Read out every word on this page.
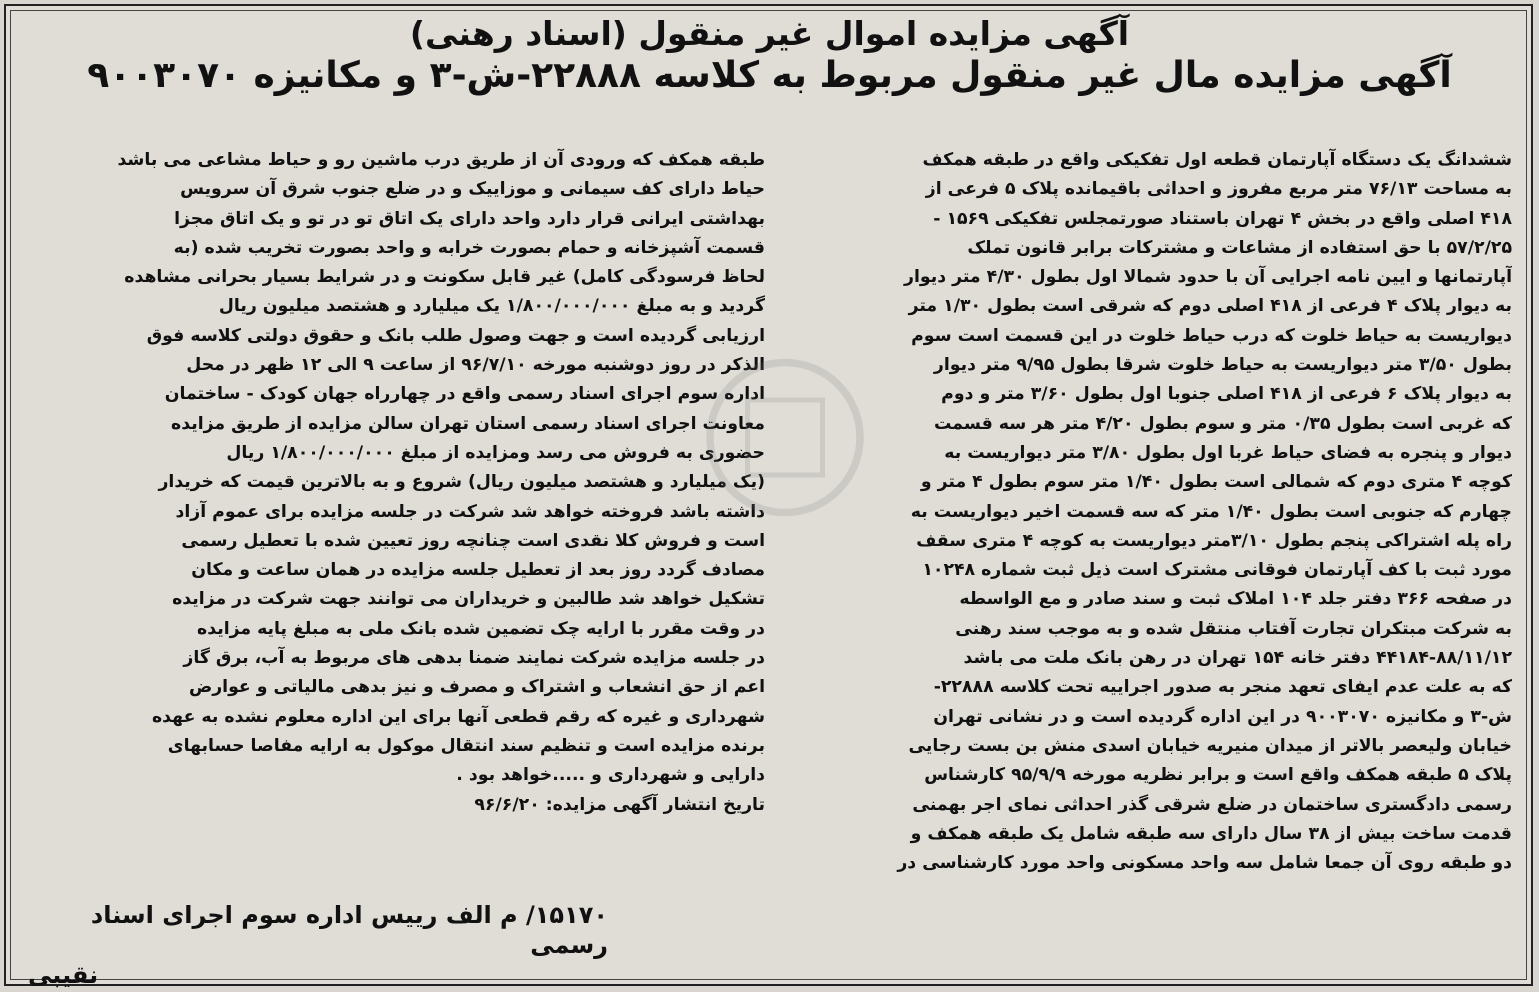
آگهی مزایده اموال غیر منقول (اسناد رهنی)
آگهی مزایده مال غیر منقول مربوط به کلاسه ۲۲۸۸۸-ش-۳ و مکانیزه ۹۰۰۳۰۷۰
ششدانگ یک دستگاه آپارتمان قطعه اول تفکیکی واقع در طبقه همکف
به مساحت ۷۶/۱۳ متر مربع مفروز و احداثی باقیمانده پلاک ۵ فرعی از
۴۱۸ اصلی واقع در بخش ۴ تهران باستناد صورتمجلس تفکیکی ۱۵۶۹ -
۵۷/۲/۲۵ با حق استفاده از مشاعات و مشترکات برابر قانون تملک
آپارتمانها و ایین نامه اجرایی آن با حدود شمالا اول بطول ۴/۳۰ متر دیوار
به دیوار پلاک ۴ فرعی از ۴۱۸ اصلی دوم که شرقی است بطول ۱/۳۰ متر
دیواریست به حیاط خلوت که درب حیاط خلوت در این قسمت است سوم
بطول ۳/۵۰ متر دیواریست به حیاط خلوت شرقا بطول ۹/۹۵ متر دیوار
به دیوار پلاک ۶ فرعی از ۴۱۸ اصلی جنوبا اول بطول ۳/۶۰ متر و دوم
که غربی است بطول ۰/۳۵ متر و سوم بطول ۴/۲۰ متر هر سه قسمت
دیوار و پنجره به فضای حیاط غربا اول بطول ۳/۸۰ متر دیواریست به
کوچه ۴ متری دوم که شمالی است بطول ۱/۴۰ متر سوم بطول ۴ متر و
چهارم که جنوبی است بطول ۱/۴۰ متر که سه قسمت اخیر دیواریست به
راه پله اشتراکی پنجم بطول ۳/۱۰متر دیواریست به کوچه ۴ متری سقف
مورد ثبت با کف آپارتمان فوقانی مشترک است ذیل ثبت شماره ۱۰۲۴۸
در صفحه ۳۶۶ دفتر جلد ۱۰۴ املاک ثبت و سند صادر و مع الواسطه
به شرکت مبتکران تجارت آفتاب منتقل شده و به موجب سند رهنی
۴۴۱۸۴-۸۸/۱۱/۱۲ دفتر خانه ۱۵۴ تهران در رهن بانک ملت می باشد
که به علت عدم ایفای تعهد منجر به صدور اجراییه تحت کلاسه ۲۲۸۸۸-
ش-۳ و مکانیزه ۹۰۰۳۰۷۰ در این اداره گردیده است و در نشانی تهران
خیابان ولیعصر بالاتر از میدان منیریه خیابان اسدی منش بن بست رجایی
پلاک ۵ طبقه همکف واقع است و برابر نظریه مورخه ۹۵/۹/۹ کارشناس
رسمی دادگستری ساختمان در ضلع شرقی گذر احداثی نمای اجر بهمنی
قدمت ساخت بیش از ۳۸ سال دارای سه طبقه شامل یک طبقه همکف و
دو طبقه روی آن جمعا شامل سه واحد مسکونی واحد مورد کارشناسی در
طبقه همکف که ورودی آن از طریق درب ماشین رو و حیاط مشاعی می باشد
حیاط دارای کف سیمانی و موزاییک و در ضلع جنوب شرق آن سرویس
بهداشتی ایرانی قرار دارد واحد دارای یک اتاق تو در تو و یک اتاق مجزا
قسمت آشپزخانه و حمام بصورت خرابه و واحد بصورت تخریب شده (به
لحاظ فرسودگی کامل) غیر قابل سکونت و در شرایط بسیار بحرانی مشاهده
گردید و به مبلغ ۱/۸۰۰/۰۰۰/۰۰۰ یک میلیارد و هشتصد میلیون ریال
ارزیابی گردیده است و جهت وصول طلب بانک و حقوق دولتی کلاسه فوق
الذکر در روز دوشنبه مورخه ۹۶/۷/۱۰ از ساعت ۹ الی ۱۲ ظهر در محل
اداره سوم اجرای اسناد رسمی واقع در چهارراه جهان کودک - ساختمان
معاونت اجرای اسناد رسمی استان تهران سالن مزایده از طریق مزایده
حضوری به فروش می رسد ومزایده از مبلغ ۱/۸۰۰/۰۰۰/۰۰۰ ریال
(یک میلیارد و هشتصد میلیون ریال) شروع و به بالاترین قیمت که خریدار
داشته باشد فروخته خواهد شد شرکت در جلسه مزایده برای عموم آزاد
است و فروش کلا نقدی است چنانچه روز تعیین شده با تعطیل رسمی
مصادف گردد روز بعد از تعطیل جلسه مزایده در همان ساعت و مکان
تشکیل خواهد شد طالبین و خریداران می توانند جهت شرکت در مزایده
در وقت مقرر با ارایه چک تضمین شده بانک ملی به مبلغ پایه مزایده
در جلسه مزایده شرکت نمایند ضمنا بدهی های مربوط به آب، برق گاز
اعم از حق انشعاب و اشتراک و مصرف و نیز بدهی مالیاتی و عوارض
شهرداری و غیره که رقم قطعی آنها برای این اداره معلوم نشده به عهده
برنده مزایده است و تنظیم سند انتقال موکول به ارایه مفاصا حسابهای
دارایی و شهرداری و .....خواهد بود .
تاریخ انتشار آگهی مزایده: ۹۶/۶/۲۰
۱۵۱۷۰/ م الف رییس اداره سوم اجرای اسناد رسمی
نقیبی
